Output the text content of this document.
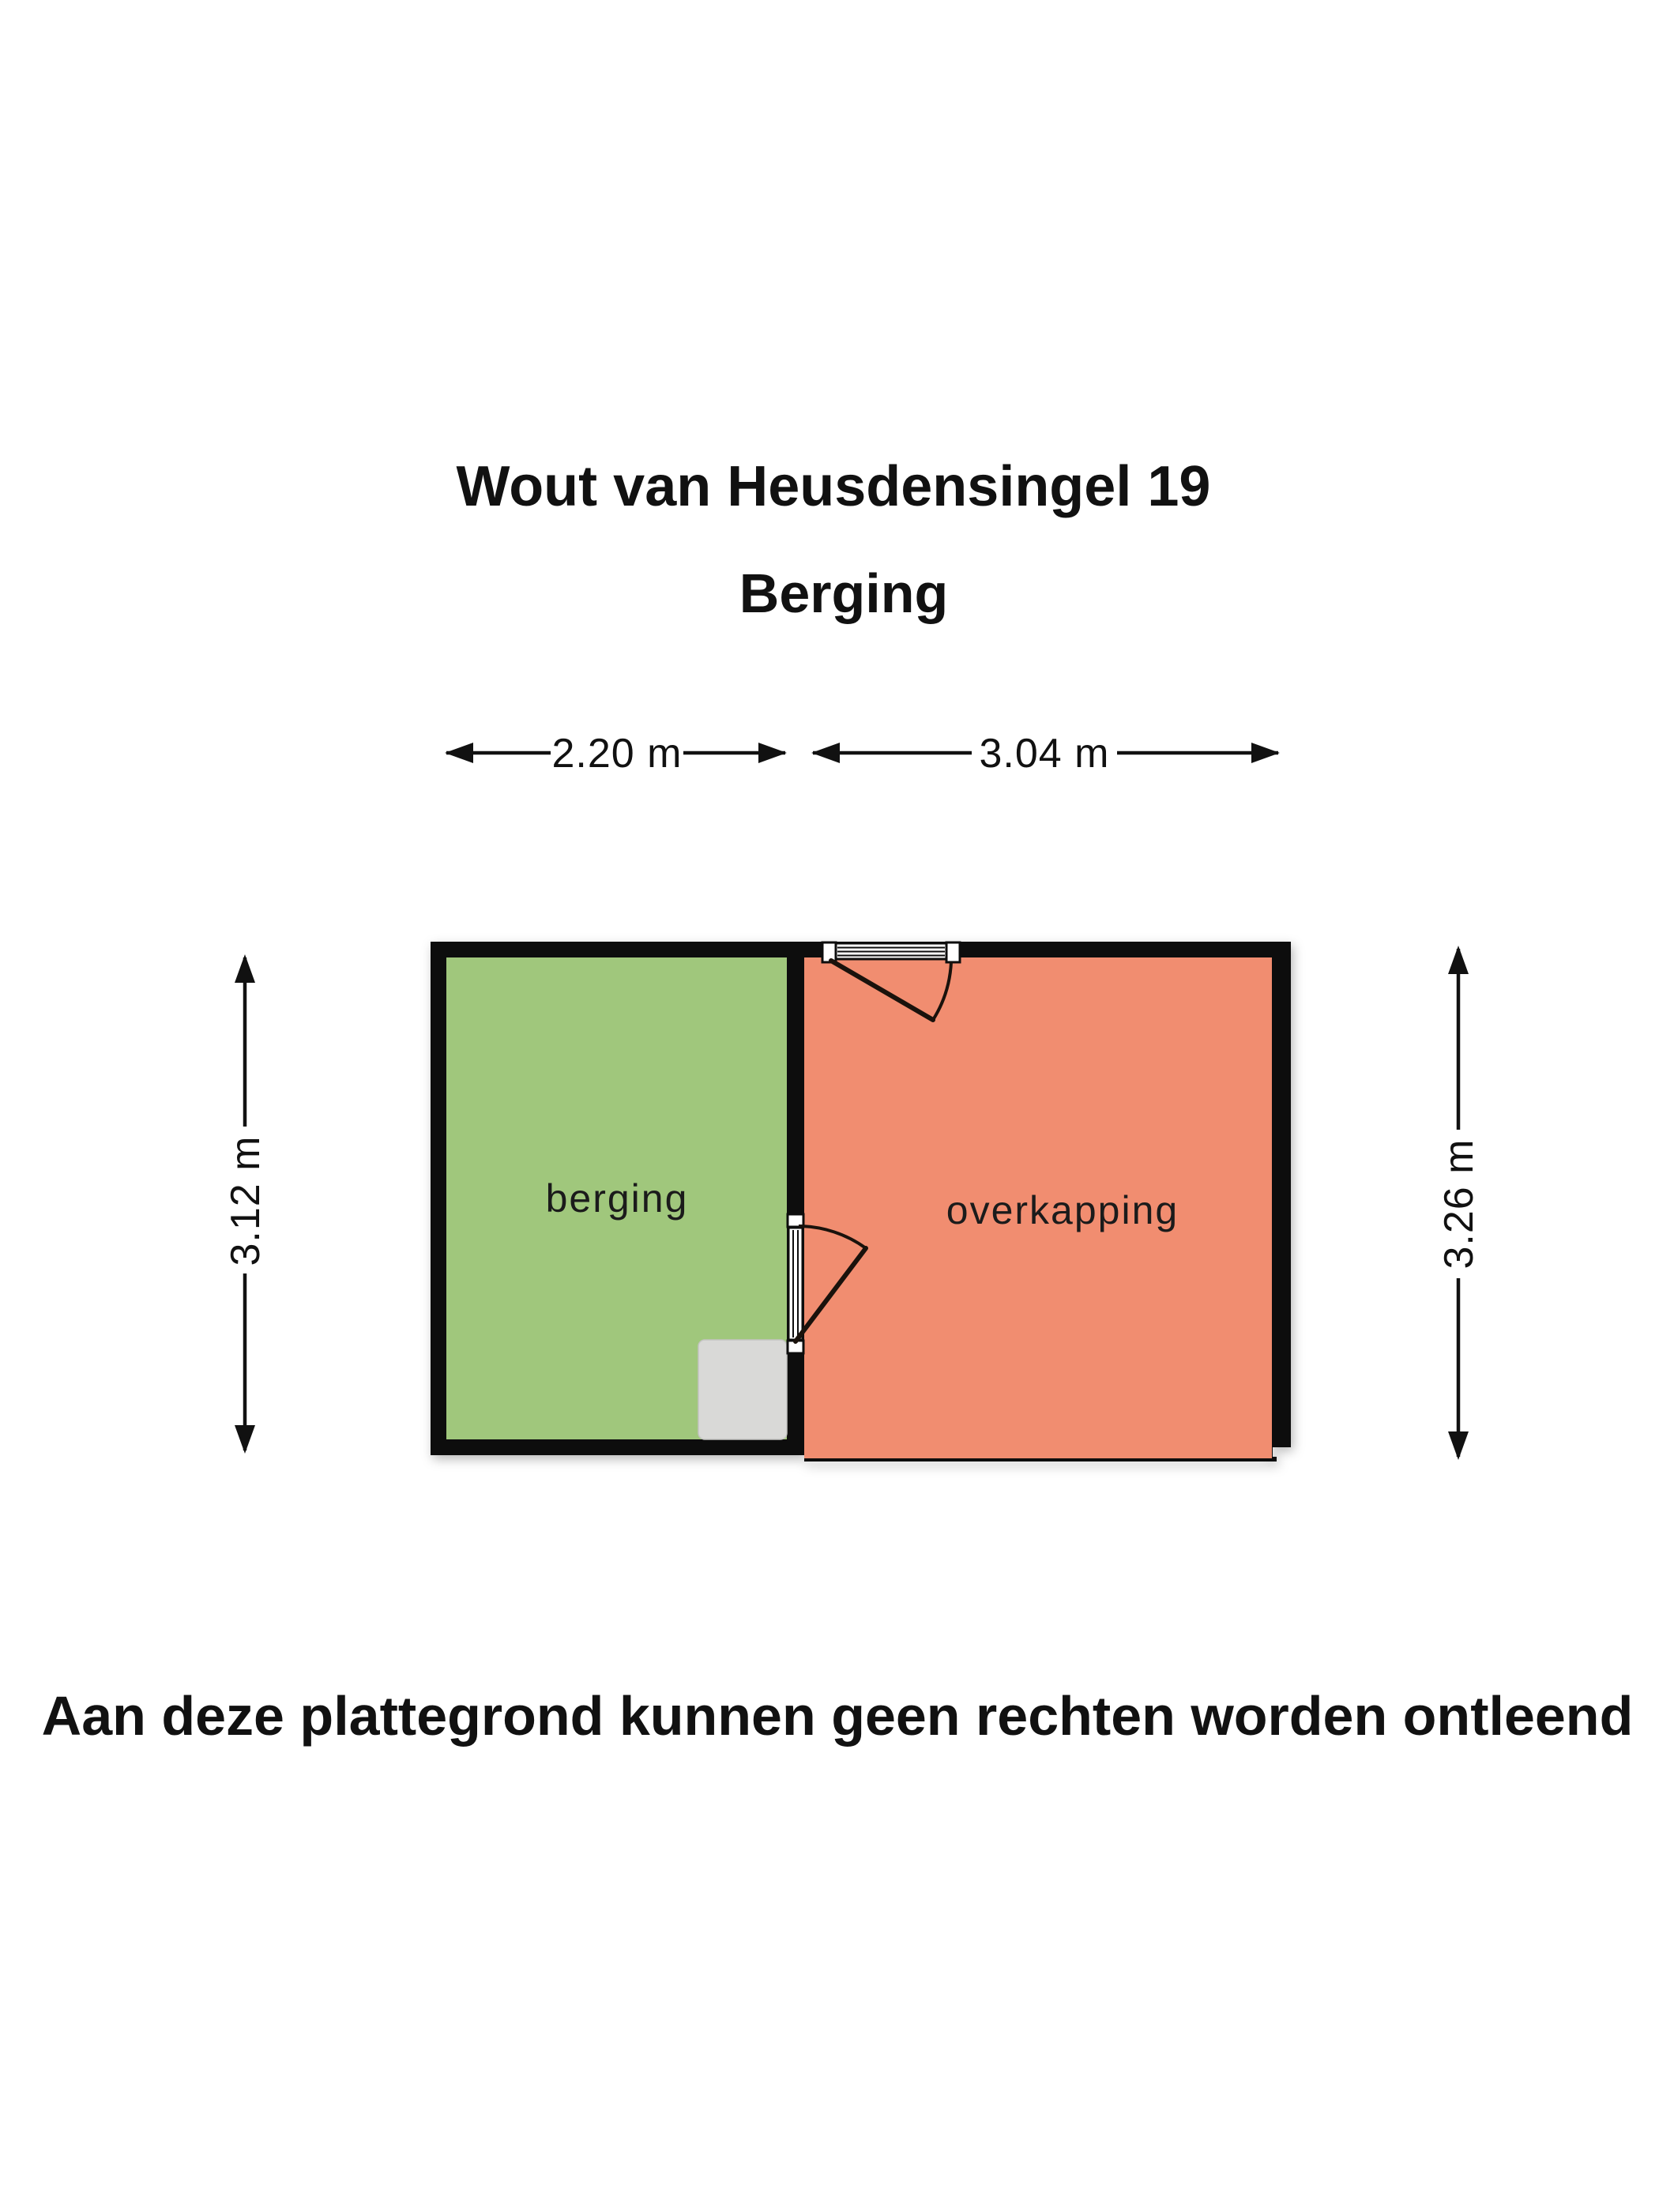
Wout van Heusdensingel 19
Berging
2.20 m	3.04 m
3.12 m	3.26 m
berging	overkapping
Aan deze plattegrond kunnen geen rechten worden ontleend
